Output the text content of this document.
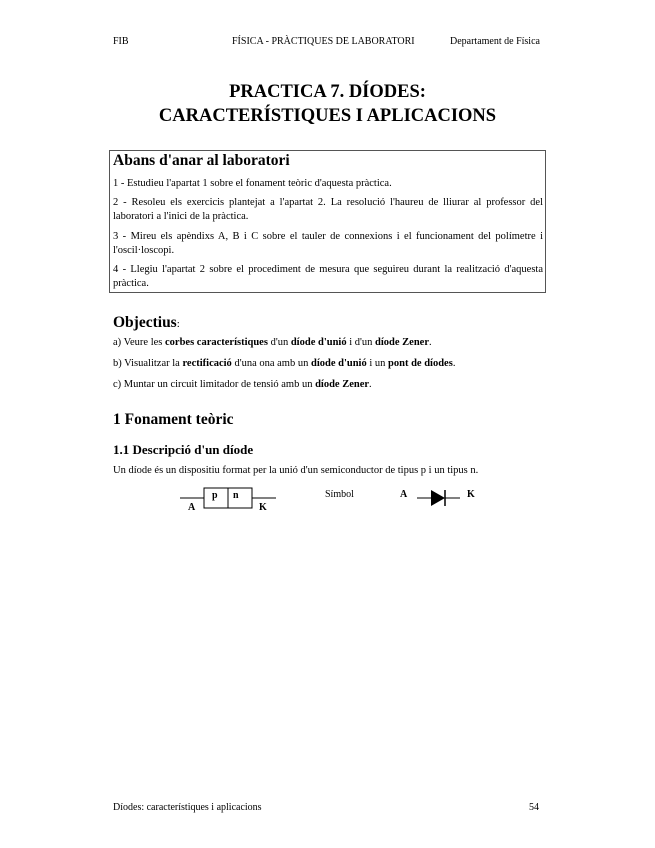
FIB	FÍSICA - PRÀCTIQUES DE LABORATORI	Departament de Física
PRACTICA 7. DÍODES:
CARACTERÍSTIQUES I APLICACIONS
Abans d'anar al laboratori
1 - Estudieu l'apartat 1 sobre el fonament teòric d'aquesta pràctica.
2 - Resoleu els exercicis plantejat a l'apartat 2. La resolució l'haureu de lliurar al professor del laboratori a l'inici de la pràctica.
3 - Mireu els apèndixs A, B i C sobre el tauler de connexions i el funcionament del polímetre i l'oscil·loscopi.
4 - Llegiu l'apartat 2 sobre el procediment de mesura que seguireu durant la realització d'aquesta pràctica.
Objectius:
a) Veure les corbes característiques d'un díode d'unió i d'un díode Zener.
b) Visualitzar la rectificació d'una ona amb un díode d'unió i un pont de díodes.
c) Muntar un circuit limitador de tensió amb un díode Zener.
1 Fonament teòric
1.1 Descripció d'un díode
Un díode és un dispositiu format per la unió d'un semiconductor de tipus p i un tipus n.
p n
A	K
Símbol	A	K
Díodes: característiques i aplicacions	54
